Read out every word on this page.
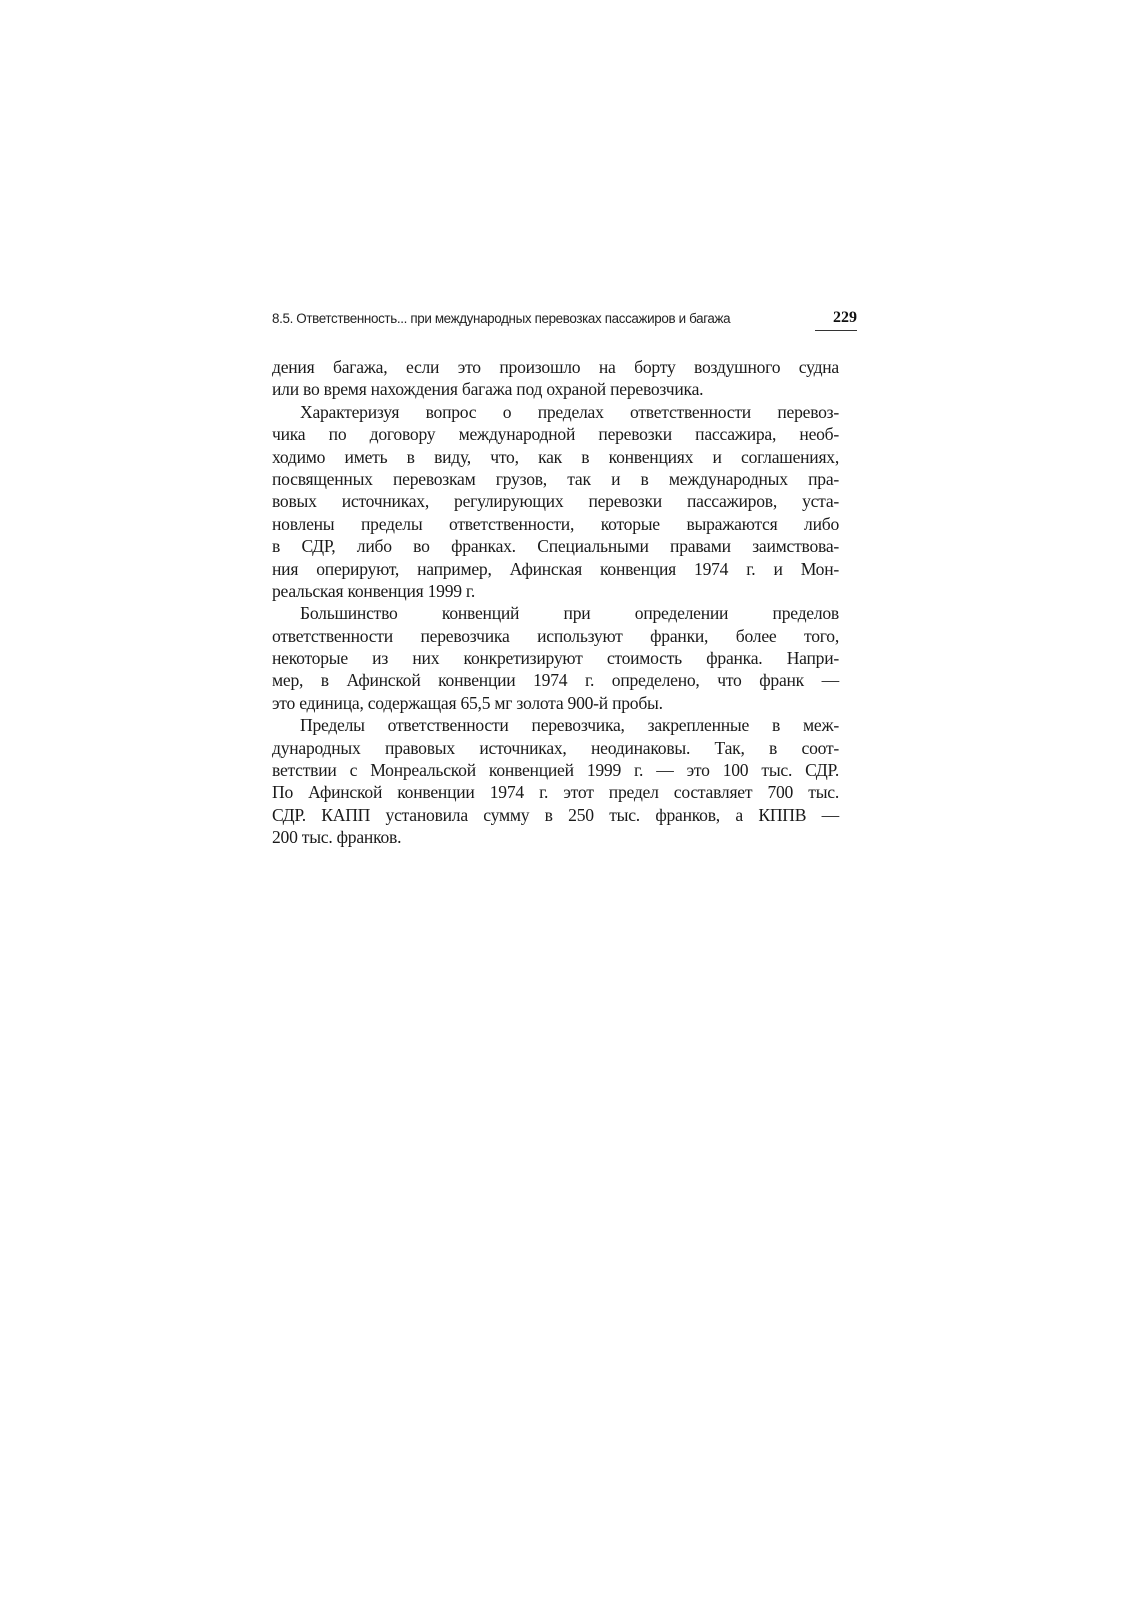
8.5. Ответственность... при международных перевозках пассажиров и багажа	229

дения багажа, если это произошло на борту воздушного судна
или во время нахождения багажа под охраной перевозчика.

Характеризуя вопрос о пределах ответственности перевоз-
чика по договору международной перевозки пассажира, необ-
ходимо иметь в виду, что, как в конвенциях и соглашениях,
посвященных перевозкам грузов, так и в международных пра-
вовых источниках, регулирующих перевозки пассажиров, уста-
новлены пределы ответственности, которые выражаются либо
в СДР, либо во франках. Специальными правами заимствова-
ния оперируют, например, Афинская конвенция 1974 г. и Мон-
реальская конвенция 1999 г.

Большинство конвенций при определении пределов
ответственности перевозчика используют франки, более того,
некоторые из них конкретизируют стоимость франка. Напри-
мер, в Афинской конвенции 1974 г. определено, что франк —
это единица, содержащая 65,5 мг золота 900-й пробы.

Пределы ответственности перевозчика, закрепленные в меж-
дународных правовых источниках, неодинаковы. Так, в соот-
ветствии с Монреальской конвенцией 1999 г. — это 100 тыс. СДР.
По Афинской конвенции 1974 г. этот предел составляет 700 тыс.
СДР. КАПП установила сумму в 250 тыс. франков, а КППВ —
200 тыс. франков.
